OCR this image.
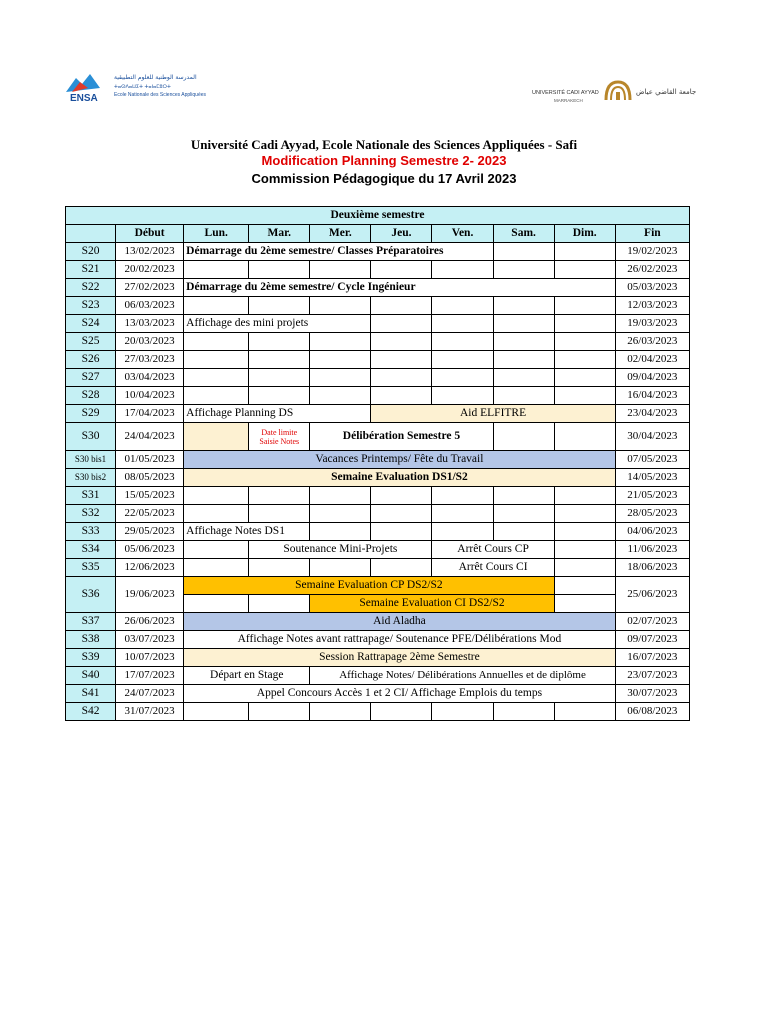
ENSA
المدرسة الوطنية للعلوم التطبيقية
ⵜⴰⵙⴷⴰⵡⵉⵜ ⵜⴰⵏⴰⵎⵓⵔⵜ
Ecole Nationale des Sciences Appliquées	UNIVERSITÉ CADI AYYAD
MARRAKECH
جامعة القاضي عياض
Université Cadi Ayyad, Ecole Nationale des Sciences Appliquées - Safi
Modification Planning Semestre 2- 2023
Commission Pédagogique du 17 Avril 2023
Deuxième semestre									
	Début	Lun.	Mar.	Mer.	Jeu.	Ven.	Sam.	Dim.	Fin
S20	13/02/2023	Démarrage du 2ème semestre/ Classes Préparatoires							19/02/2023
S21	20/02/2023								26/02/2023
S22	27/02/2023	Démarrage du 2ème semestre/ Cycle Ingénieur							05/03/2023
S23	06/03/2023								12/03/2023
S24	13/03/2023	Affichage des mini projets							19/03/2023
S25	20/03/2023								26/03/2023
S26	27/03/2023								02/04/2023
S27	03/04/2023								09/04/2023
S28	10/04/2023								16/04/2023
S29	17/04/2023	Affichage Planning DS			Aid ELFITRE				23/04/2023
S30	24/04/2023		Date limite Saisie Notes	Délibération Semestre 5					30/04/2023
S30 bis1	01/05/2023	Vacances Printemps/ Fête du Travail							07/05/2023
S30 bis2	08/05/2023	Semaine Evaluation DS1/S2							14/05/2023
S31	15/05/2023								21/05/2023
S32	22/05/2023								28/05/2023
S33	29/05/2023	Affichage Notes DS1							04/06/2023
S34	05/06/2023		Soutenance Mini-Projets			Arrêt Cours CP			11/06/2023
S35	12/06/2023					Arrêt Cours CI			18/06/2023
S36	19/06/2023	Semaine Evaluation CP DS2/S2							25/06/2023
				Semaine Evaluation CI DS2/S2					
S37	26/06/2023	Aid Aladha							02/07/2023
S38	03/07/2023	Affichage Notes avant rattrapage/ Soutenance PFE/Délibérations Mod							09/07/2023
S39	10/07/2023	Session Rattrapage 2ème Semestre							16/07/2023
S40	17/07/2023	Départ en Stage		Affichage Notes/ Délibérations Annuelles et de diplôme					23/07/2023
S41	24/07/2023	Appel Concours Accès 1 et 2 CI/ Affichage Emplois du temps							30/07/2023
S42	31/07/2023								06/08/2023
